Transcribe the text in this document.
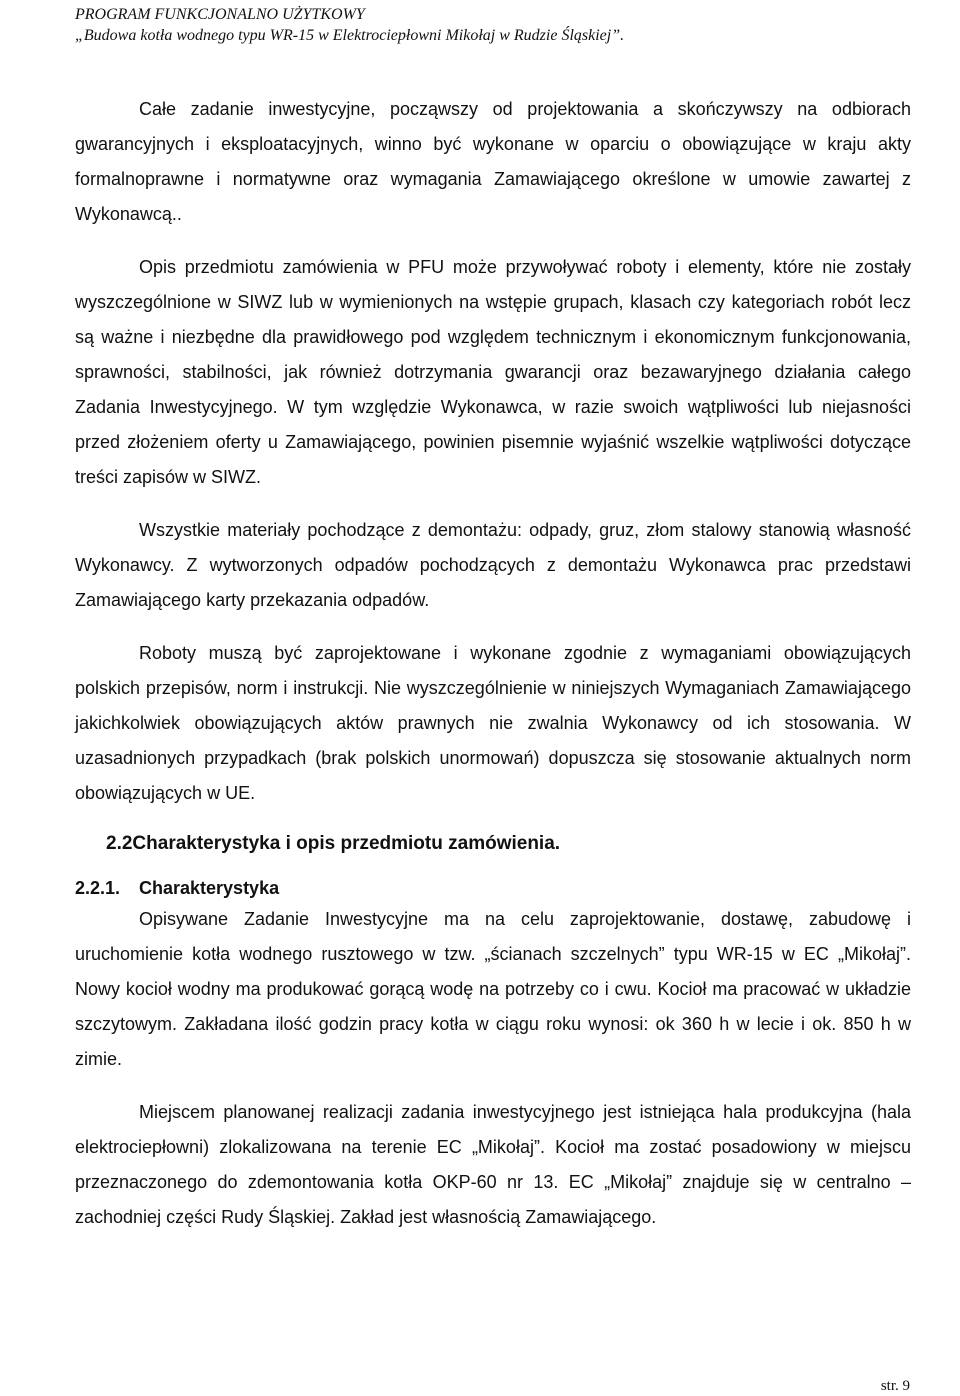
PROGRAM FUNKCJONALNO UŻYTKOWY
„Budowa kotła wodnego typu WR-15 w Elektrociepłowni Mikołaj w Rudzie Śląskiej”.

Całe zadanie inwestycyjne, począwszy od projektowania a skończywszy na odbiorach gwarancyjnych i eksploatacyjnych, winno być wykonane w oparciu o obowiązujące w kraju akty formalnoprawne i normatywne oraz wymagania Zamawiającego określone w umowie zawartej z Wykonawcą..

Opis przedmiotu zamówienia w PFU może przywoływać roboty i elementy, które nie zostały wyszczególnione w SIWZ lub w wymienionych na wstępie grupach, klasach czy kategoriach robót lecz są ważne i niezbędne dla prawidłowego pod względem technicznym i ekonomicznym funkcjonowania, sprawności, stabilności, jak również dotrzymania gwarancji oraz bezawaryjnego działania całego Zadania Inwestycyjnego. W tym względzie Wykonawca, w razie swoich wątpliwości lub niejasności przed złożeniem oferty u Zamawiającego, powinien pisemnie wyjaśnić wszelkie wątpliwości dotyczące treści zapisów w SIWZ.

Wszystkie materiały pochodzące z demontażu: odpady, gruz, złom stalowy stanowią własność Wykonawcy. Z wytworzonych odpadów pochodzących z demontażu Wykonawca prac przedstawi Zamawiającego karty przekazania odpadów.

Roboty muszą być zaprojektowane i wykonane zgodnie z wymaganiami obowiązujących polskich przepisów, norm i instrukcji. Nie wyszczególnienie w niniejszych Wymaganiach Zamawiającego jakichkolwiek obowiązujących aktów prawnych nie zwalnia Wykonawcy od ich stosowania. W uzasadnionych przypadkach (brak polskich unormowań) dopuszcza się stosowanie aktualnych norm obowiązujących w UE.

2.2Charakterystyka i opis przedmiotu zamówienia.
2.2.1. Charakterystyka

Opisywane Zadanie Inwestycyjne ma na celu zaprojektowanie, dostawę, zabudowę i uruchomienie kotła wodnego rusztowego w tzw. „ścianach szczelnych” typu WR-15 w EC „Mikołaj”. Nowy kocioł wodny ma produkować gorącą wodę na potrzeby co i cwu. Kocioł ma pracować w układzie szczytowym. Zakładana ilość godzin pracy kotła w ciągu roku wynosi: ok 360 h w lecie i ok. 850 h w zimie.

Miejscem planowanej realizacji zadania inwestycyjnego jest istniejąca hala produkcyjna (hala elektrociepłowni) zlokalizowana na terenie EC „Mikołaj”. Kocioł ma zostać posadowiony w miejscu przeznaczonego do zdemontowania kotła OKP-60 nr 13. EC „Mikołaj” znajduje się w centralno – zachodniej części Rudy Śląskiej. Zakład jest własnością Zamawiającego.

str. 9
